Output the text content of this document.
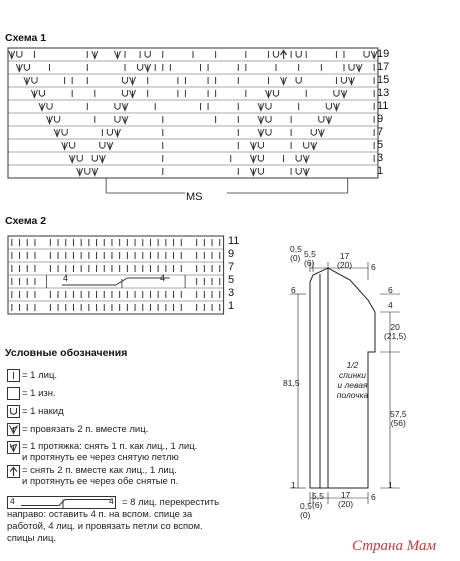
Схема 1
19
17
15
13
11
9
7
5
3
1
MS
Схема 2
11
9
7
5
3
1
4	4
Условные обозначения
= 1 лиц.
= 1 изн.
= 1 накид
= провязать 2 п. вместе лиц.
= 1 протяжка: снять 1 п. как лиц., 1 лиц.
и протянуть ее через снятую петлю
= снять 2 п. вместе как лиц., 1 лиц.
и протянуть ее через обе снятые п.
4	4 = 8 лиц. перекрестить
направо: оставить 4 п. на вспом. спице за
работой, 4 лиц. и провязать петли со вспом.
спицы лиц.
0,5
(0) 5,5
(6)
17
(20) 6
6	6
4
20
(21,5)
81,5
1/2
спинки
и левая
полочка
57,5
(56)
1	1
0,5
(0)
5,5
(6)
17
(20)
6
Страна Мам
